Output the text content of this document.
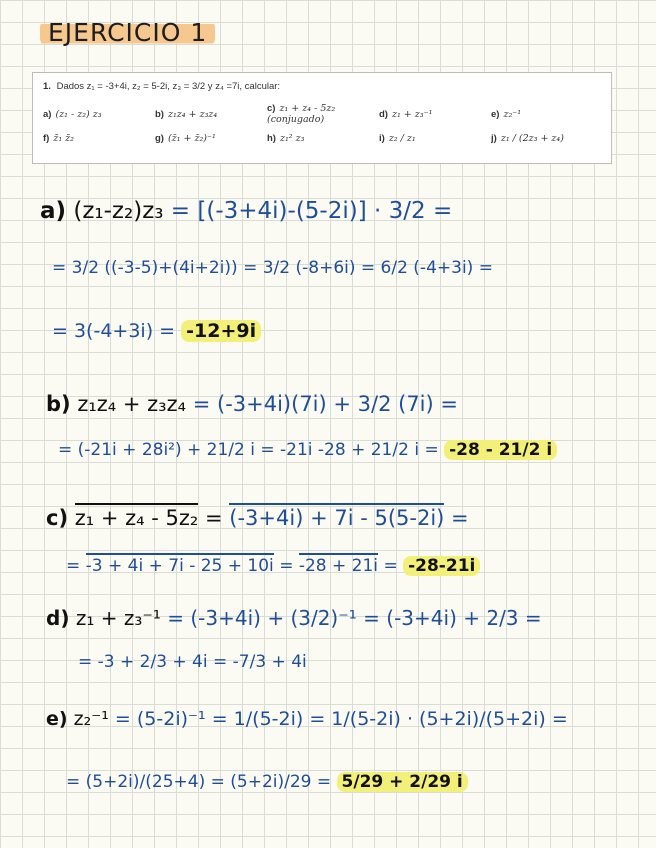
EJERCICIO 1
1. Dados z₁ = -3+4i, z₂ = 5-2i, z₃ = 3/2 y z₄ =7i, calcular:
a) (z₁ - z₂) z₃	b) z₁z₄ + z₃z₄	c) z₁ + z₄ - 5z₂ (conjugado)	d) z₁ + z₃⁻¹	e) z₂⁻¹
f) z̄₁ z̄₂	g) (z̄₁ + z̄₂)⁻¹	h) z₁² z₃	i) z₂ / z₁	j) z₁ / (2z₃ + z₄)
a) (z₁-z₂)z₃ = [(-3+4i)-(5-2i)] · 3/2 =
= 3/2 ((-3-5)+(4i+2i)) = 3/2 (-8+6i) = 6/2 (-4+3i) =
= 3(-4+3i) = -12+9i
b) z₁z₄ + z₃z₄ = (-3+4i)(7i) + 3/2 (7i) =
= (-21i + 28i²) + 21/2 i = -21i -28 + 21/2 i = -28 - 21/2 i
c) z₁ + z₄ - 5z₂ = (-3+4i) + 7i - 5(5-2i) =
= -3 + 4i + 7i - 25 + 10i = -28 + 21i = -28-21i
d) z₁ + z₃⁻¹ = (-3+4i) + (3/2)⁻¹ = (-3+4i) + 2/3 =
= -3 + 2/3 + 4i = -7/3 + 4i
e) z₂⁻¹ = (5-2i)⁻¹ = 1/(5-2i) = 1/(5-2i) · (5+2i)/(5+2i) =
= (5+2i)/(25+4) = (5+2i)/29 = 5/29 + 2/29 i
